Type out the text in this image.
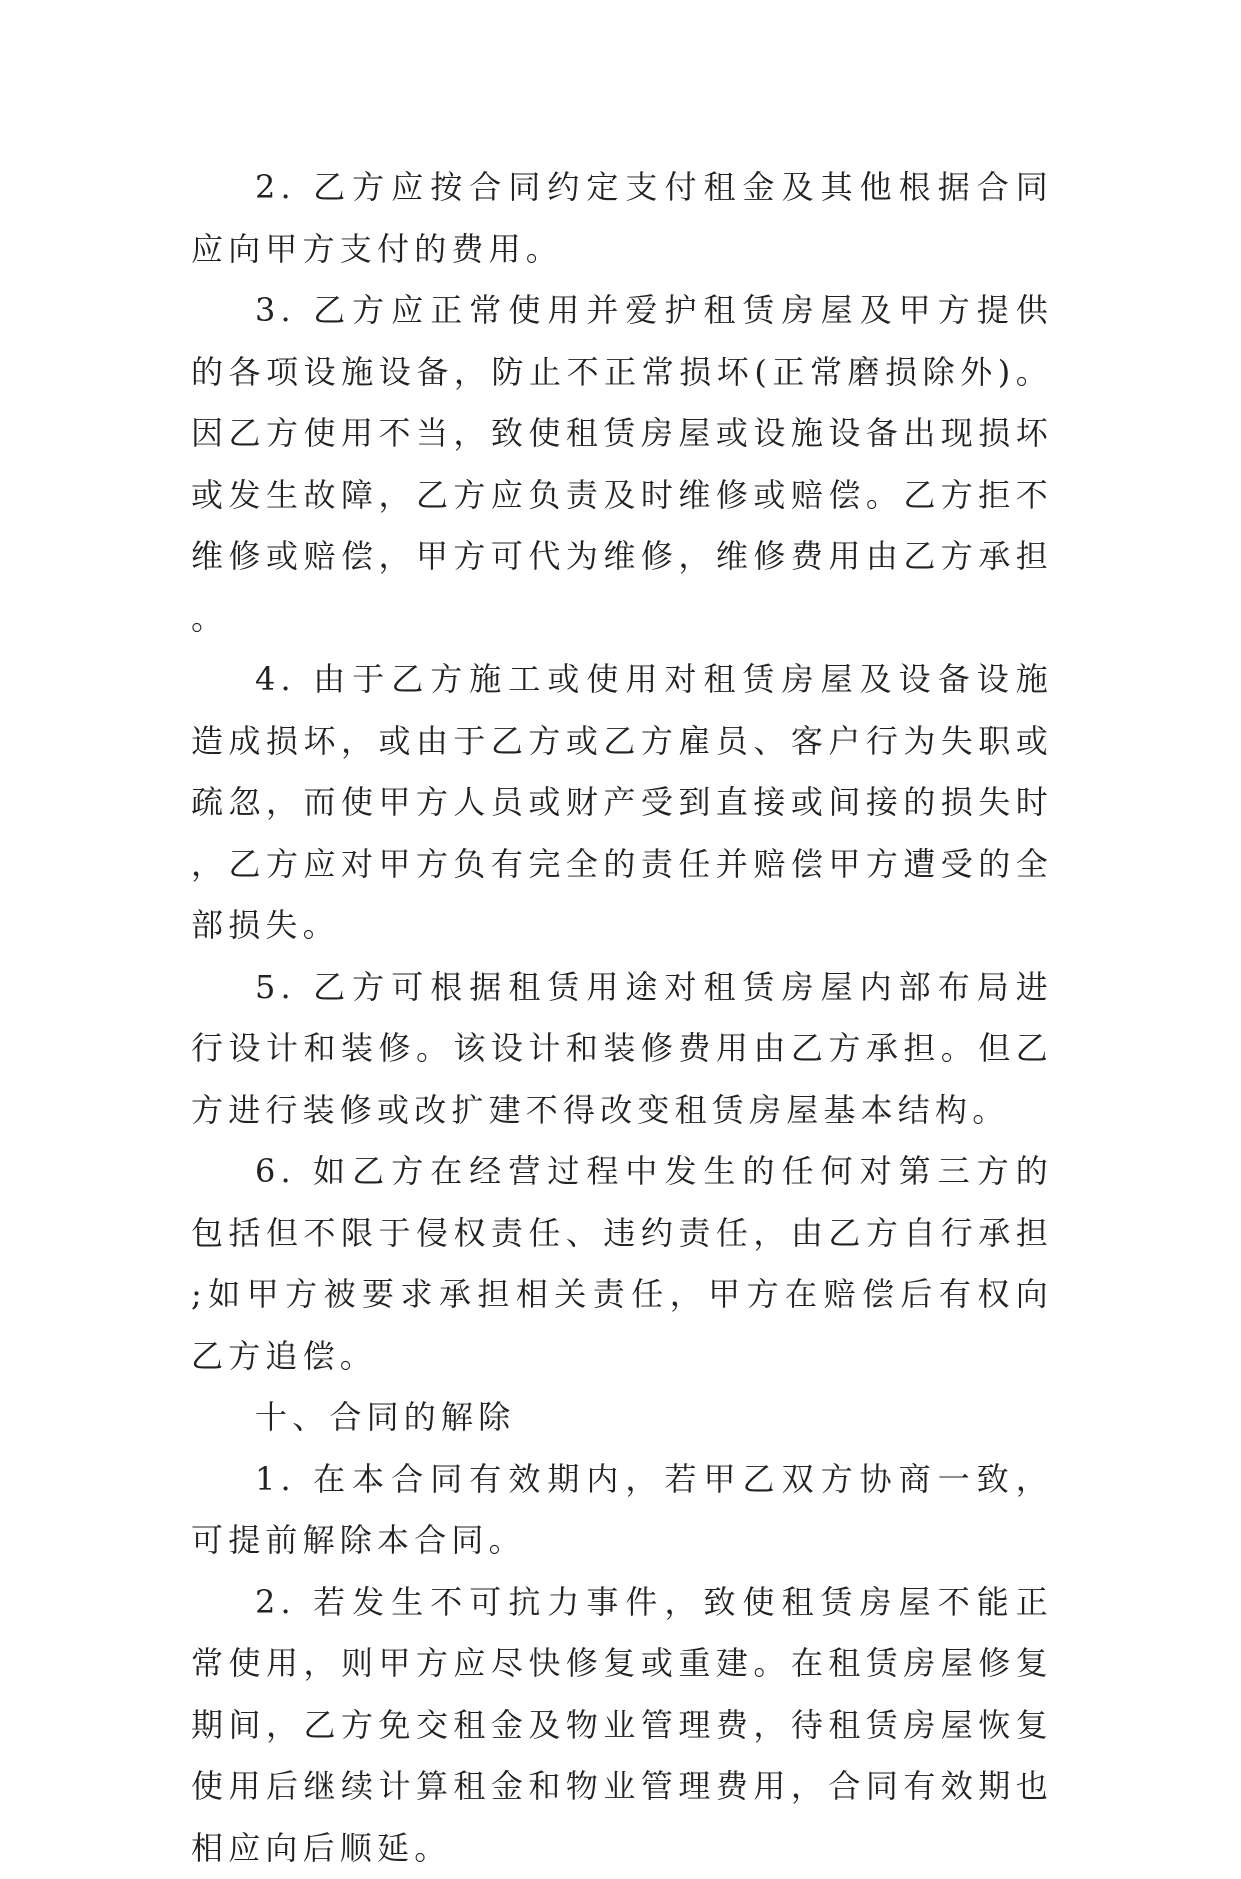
2. 乙方应按合同约定支付租金及其他根据合同应向甲方支付的费用。

3. 乙方应正常使用并爱护租赁房屋及甲方提供的各项设施设备，防止不正常损坏(正常磨损除外)。因乙方使用不当，致使租赁房屋或设施设备出现损坏或发生故障，乙方应负责及时维修或赔偿。乙方拒不维修或赔偿，甲方可代为维修，维修费用由乙方承担。

4. 由于乙方施工或使用对租赁房屋及设备设施造成损坏，或由于乙方或乙方雇员、客户行为失职或疏忽，而使甲方人员或财产受到直接或间接的损失时，乙方应对甲方负有完全的责任并赔偿甲方遭受的全部损失。

5. 乙方可根据租赁用途对租赁房屋内部布局进行设计和装修。该设计和装修费用由乙方承担。但乙方进行装修或改扩建不得改变租赁房屋基本结构。

6. 如乙方在经营过程中发生的任何对第三方的包括但不限于侵权责任、违约责任，由乙方自行承担;如甲方被要求承担相关责任，甲方在赔偿后有权向乙方追偿。

十、合同的解除

1. 在本合同有效期内，若甲乙双方协商一致，可提前解除本合同。

2. 若发生不可抗力事件，致使租赁房屋不能正常使用，则甲方应尽快修复或重建。在租赁房屋修复期间，乙方免交租金及物业管理费，待租赁房屋恢复使用后继续计算租金和物业管理费用，合同有效期也相应向后顺延。
